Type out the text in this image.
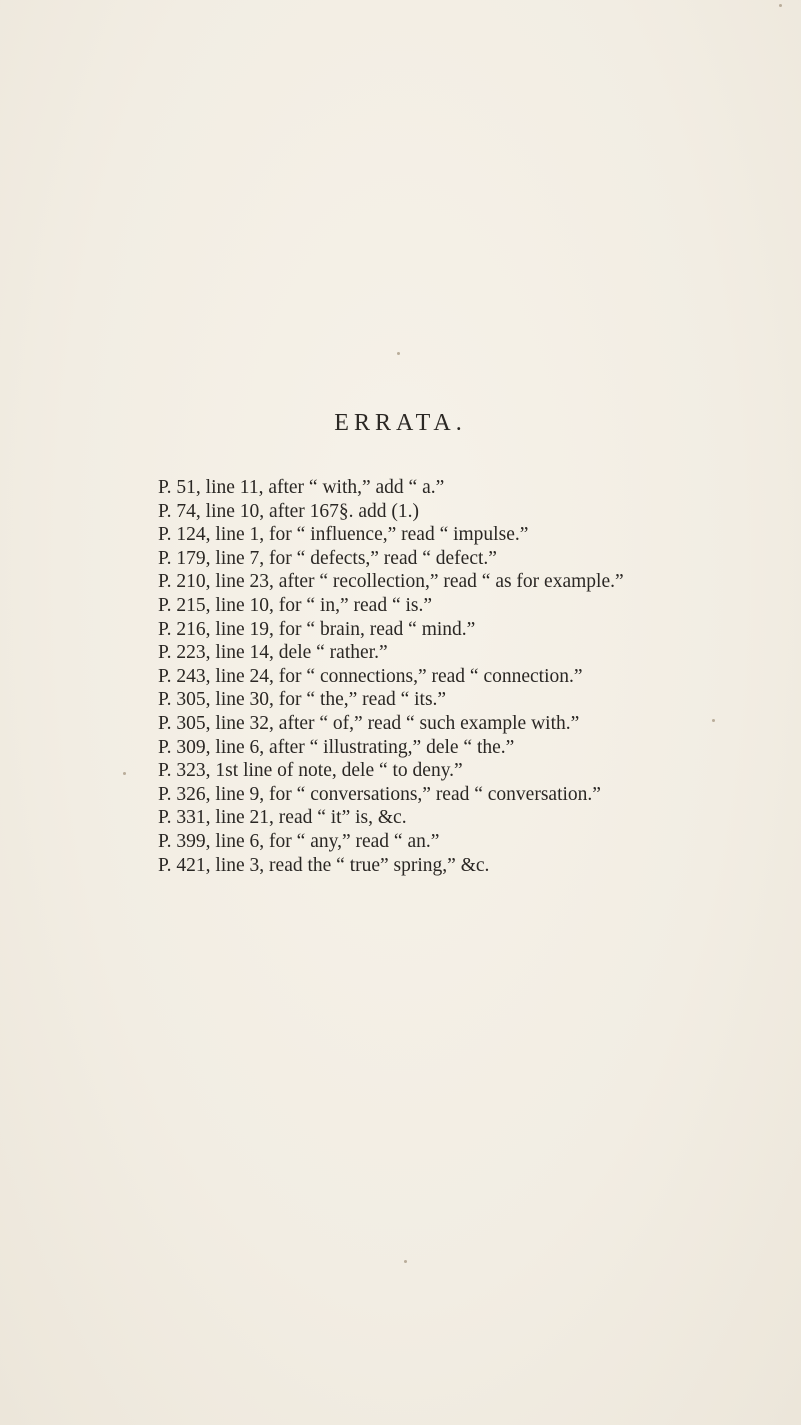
ERRATA.
P. 51, line 11, after “ with,” add “ a.”
P. 74, line 10, after 167§. add (1.)
P. 124, line 1, for “ influence,” read “ impulse.”
P. 179, line 7, for “ defects,” read “ defect.”
P. 210, line 23, after “ recollection,” read “ as for example.”
P. 215, line 10, for “ in,” read “ is.”
P. 216, line 19, for “ brain, read “ mind.”
P. 223, line 14, dele “ rather.”
P. 243, line 24, for “ connections,” read “ connection.”
P. 305, line 30, for “ the,” read “ its.”
P. 305, line 32, after “ of,” read “ such example with.”
P. 309, line 6, after “ illustrating,” dele “ the.”
P. 323, 1st line of note, dele “ to deny.”
P. 326, line 9, for “ conversations,” read “ conversation.”
P. 331, line 21, read “ it” is, &c.
P. 399, line 6, for “ any,” read “ an.”
P. 421, line 3, read the “ true” spring,” &c.
